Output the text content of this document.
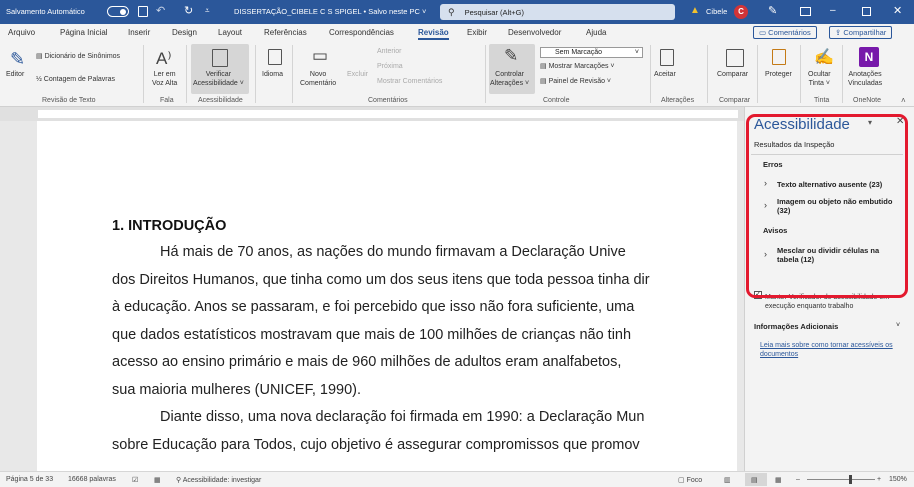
Salvamento Automático	↶ ↻ ⩡	DISSERTAÇÃO_CIBELE C S SPIGEL • Salvo neste PC ˅ ⚲ Pesquisar (Alt+G)	▲ Cibele	C	✎	–	✕
Arquivo	Página Inicial	Inserir	Design	Layout	Referências	Correspondências	Revisão Exibir	Desenvolvedor	Ajuda	▭ Comentários	⇪ Compartilhar
✎
Editor
▤ Dicionário de Sinônimos
½ Contagem de Palavras
Revisão de Texto
A⁾
Ler em
Voz Alta
Fala
Verificar
Acessibilidade ˅
Acessibilidade
Idioma
▭
Novo
Comentário
Excluir
Anterior
Próxima
Mostrar Comentários
Comentários
✎
Controlar
Alterações ˅
Sem Marcação	˅
▤ Mostrar Marcações ˅
▤ Painel de Revisão ˅
Controle
Aceitar
Alterações
Comparar
Comparar
Proteger
✍
Ocultar
Tinta ˅
Tinta
N
Anotações
Vinculadas
OneNote ˄
1. INTRODUÇÃO
Há mais de 70 anos, as nações do mundo firmavam a Declaração Unive
dos Direitos Humanos, que tinha como um dos seus itens que toda pessoa tinha dir
à educação. Anos se passaram, e foi percebido que isso não fora suficiente, uma
que dados estatísticos mostravam que mais de 100 milhões de crianças não tinh
acesso ao ensino primário e mais de 960 milhões de adultos eram analfabetos,
sua maioria mulheres (UNICEF, 1990).
Diante disso, uma nova declaração foi firmada em 1990: a Declaração Mun
sobre Educação para Todos, cujo objetivo é assegurar compromissos que promov
Acessibilidade ▾ ✕
Resultados da Inspeção
Erros
› Texto alternativo ausente (23)
› Imagem ou objeto não embutido (32)
Avisos
› Mesclar ou dividir células na tabela (12)
✓ Manter Verificador de acessibilidade em execução enquanto trabalho
Informações Adicionais	˅
Leia mais sobre como tornar acessíveis os documentos
Página 5 de 33 16668 palavras ☑ ▦ ⚲ Acessibilidade: investigar	▢ Foco	▥	▤ ▦ –	+ 150%
